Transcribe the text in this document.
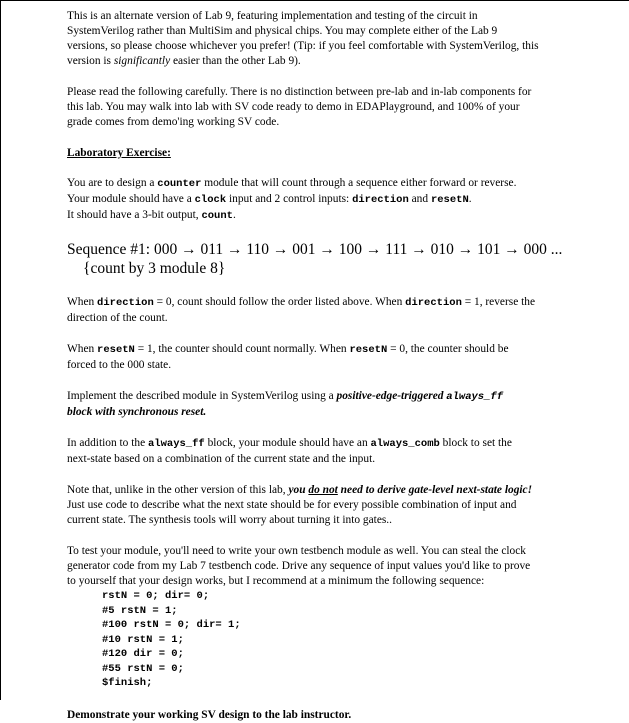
This is an alternate version of Lab 9, featuring implementation and testing of the circuit in
SystemVerilog rather than MultiSim and physical chips. You may complete either of the Lab 9
versions, so please choose whichever you prefer! (Tip: if you feel comfortable with SystemVerilog, this
version is significantly easier than the other Lab 9).

Please read the following carefully. There is no distinction between pre-lab and in-lab components for
this lab. You may walk into lab with SV code ready to demo in EDAPlayground, and 100% of your
grade comes from demo'ing working SV code.

Laboratory Exercise:

You are to design a counter module that will count through a sequence either forward or reverse.
Your module should have a clock input and 2 control inputs: direction and resetN.
It should have a 3-bit output, count.

Sequence #1: 000 → 011 → 110 → 001 → 100 → 111 → 010 → 101 → 000 ...
{count by 3 module 8}

When direction = 0, count should follow the order listed above. When direction = 1, reverse the
direction of the count.

When resetN = 1, the counter should count normally. When resetN = 0, the counter should be
forced to the 000 state.

Implement the described module in SystemVerilog using a positive-edge-triggered always_ff
block with synchronous reset.

In addition to the always_ff block, your module should have an always_comb block to set the
next-state based on a combination of the current state and the input.

Note that, unlike in the other version of this lab, you do not need to derive gate-level next-state logic!
Just use code to describe what the next state should be for every possible combination of input and
current state. The synthesis tools will worry about turning it into gates..

To test your module, you'll need to write your own testbench module as well. You can steal the clock
generator code from my Lab 7 testbench code. Drive any sequence of input values you'd like to prove
to yourself that your design works, but I recommend at a minimum the following sequence:

rstN = 0; dir= 0;
#5 rstN = 1;
#100 rstN = 0; dir= 1;
#10 rstN = 1;
#120 dir = 0;
#55 rstN = 0;
$finish;

Demonstrate your working SV design to the lab instructor.
